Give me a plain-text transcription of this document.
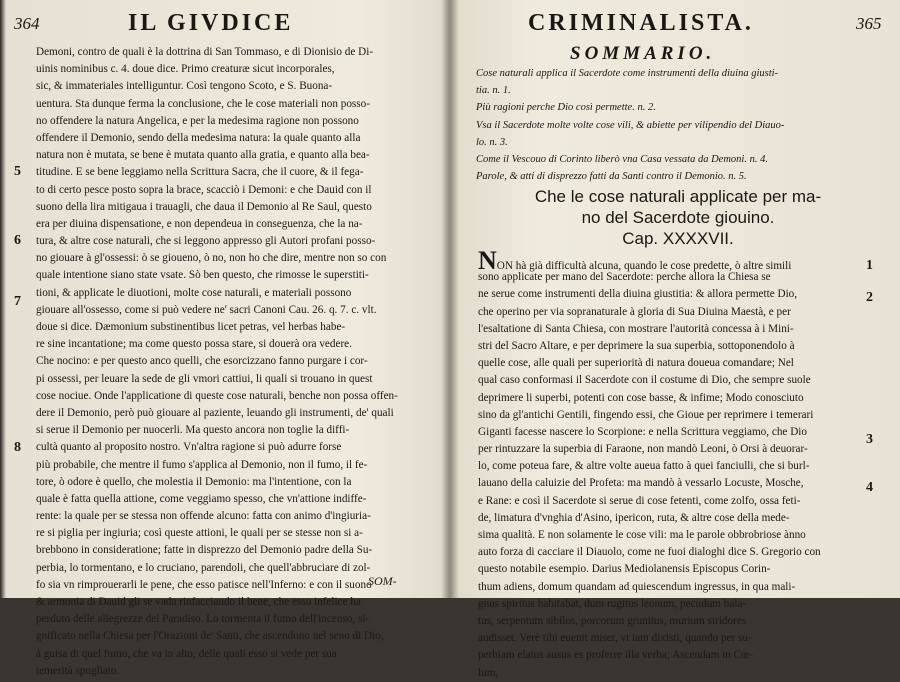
364	IL GIVDICE
Demoni, contro de quali è la dottrina di San Tommaso, e di Dionisio de Di-
uinis nominibus c. 4. doue dice. Primo creaturæ sicut incorporales,
sic, & immateriales intelliguntur. Così tengono Scoto, e S. Buona-
uentura. Sta dunque ferma la conclusione, che le cose materiali non posso-
no offendere la natura Angelica, e per la medesima ragione non possono
offendere il Demonio, sendo della medesima natura: la quale quanto alla
natura non è mutata, se bene è mutata quanto alla gratia, e quanto alla bea-
titudine. E se bene leggiamo nella Scrittura Sacra, che il cuore, & il fega-
to di certo pesce posto sopra la brace, scacciò i Demoni: e che Dauid con il
suono della lira mitigaua i trauagli, che daua il Demonio al Re Saul, questo
era per diuina dispensatione, e non dependeua in conseguenza, che la na-
tura, & altre cose naturali, che si leggono appresso gli Autori profani posso-
no giouare à gl'ossessi: ò se gioueno, ò no, non ho che dire, mentre non so con
quale intentione siano state vsate. Sò ben questo, che rimosse le superstiti-
tioni, & applicate le diuotioni, molte cose naturali, e materiali possono
giouare all'ossesso, come si può vedere ne' sacri Canoni Cau. 26. q. 7. c. vlt.
doue si dice. Dæmonium substinentibus licet petras, vel herbas habe-
re sine incantatione; ma come questo possa stare, si douerà ora vedere.
Che nocino: e per questo anco quelli, che esorcizzano fanno purgare i cor-
pi ossessi, per leuare la sede de gli vmori cattiui, li quali si trouano in quest
cose nociue. Onde l'applicatione di queste cose naturali, benche non possa offen-
dere il Demonio, però può giouare al paziente, leuando gli instrumenti, de' quali
si serue il Demonio per nuocerli. Ma questo ancora non toglie la diffi-
cultà quanto al proposito nostro. Vn'altra ragione si può adurre forse
più probabile, che mentre il fumo s'applica al Demonio, non il fumo, il fe-
tore, ò odore è quello, che molestia il Demonio: ma l'intentione, con la
quale è fatta quella attione, come veggiamo spesso, che vn'attione indiffe-
rente: la quale per se stessa non offende alcuno: fatta con animo d'ingiuria-
re si piglia per ingiuria; così queste attioni, le quali per se stesse non si a-
brebbono in consideratione; fatte in disprezzo del Demonio padre della Su-
perbia, lo tormentano, e lo cruciano, parendoli, che quell'abbruciare di zol-
fo sia vn rimprouerarli le pene, che esso patisce nell'Inferno: e con il suono
& armonia di Dauid gli se vada rinfacciando il bene, che esso infelice ha
perduto delle allegrezze del Paradiso. Lo tormenta il fumo dell'incenso, si-
gnificato nella Chiesa per l'Orazioni de' Santi, che ascendono nel seno di Dio,
à guisa di quel fumo, che va in alto; delle quali esso si vede per sua
temerità spogliato.
5
6
7
8
SOM-
CRIMINALISTA.	365
SOMMARIO.
Cose naturali applica il Sacerdote come instrumenti della diuina giusti-
tia. n. 1.
Più ragioni perche Dio così permette. n. 2.
Vsa il Sacerdote molte volte cose vili, & abiette per vilipendio del Diauo-
lo. n. 3.
Come il Vescouo di Corinto liberò vna Casa vessata da Demoni. n. 4.
Parole, & atti di disprezzo fatti da Santi contro il Demonio. n. 5.
Che le cose naturali applicate per ma-
no del Sacerdote giouino.
Cap. XXXXVII.
NON hà già difficultà alcuna, quando le cose predette, ò altre simili
sono applicate per mano del Sacerdote: perche allora la Chiesa se
ne serue come instrumenti della diuina giustitia: & allora permette Dio,
che operino per via sopranaturale à gloria di Sua Diuina Maestà, e per
l'esaltatione di Santa Chiesa, con mostrare l'autorità concessa à i Mini-
stri del Sacro Altare, e per deprimere la sua superbia, sottoponendolo à
quelle cose, alle quali per superiorità di natura doueua comandare; Nel
qual caso conformasi il Sacerdote con il costume di Dio, che sempre suole
deprimere li superbi, potenti con cose basse, & infime; Modo conosciuto
sino da gl'antichi Gentili, fingendo essi, che Gioue per reprimere i temerari
Giganti facesse nascere lo Scorpione: e nella Scrittura veggiamo, che Dio
per rintuzzare la superbia di Faraone, non mandò Leoni, ò Orsi à deuorar-
lo, come poteua fare, & altre volte aueua fatto à quei fanciulli, che si burl-
lauano della caluizie del Profeta: ma mandò à vessarlo Locuste, Mosche,
e Rane: e così il Sacerdote si serue di cose fetenti, come zolfo, ossa feti-
de, limatura d'vnghia d'Asino, ipericon, ruta, & altre cose della mede-
sima qualità. E non solamente le cose vili: ma le parole obbrobriose ànno
auto forza di cacciare il Diauolo, come ne fuoi dialoghi dice S. Gregorio con
questo notabile esempio. Darius Mediolanensis Episcopus Corin-
thum adiens, domum quandam ad quiescendum ingressus, in qua mali-
gnus spiritus habitabat, dum rugitus leonum, pecudum bala-
tus, serpentum sibilos, porcorum grunitus, murium stridores
audisset. Verè tibi euenit miser, vt iam dixisti, quando per su-
perbiam elatus ausus es proferre illa verba; Ascendam in Cœ-
lum,
1
2
3
4
